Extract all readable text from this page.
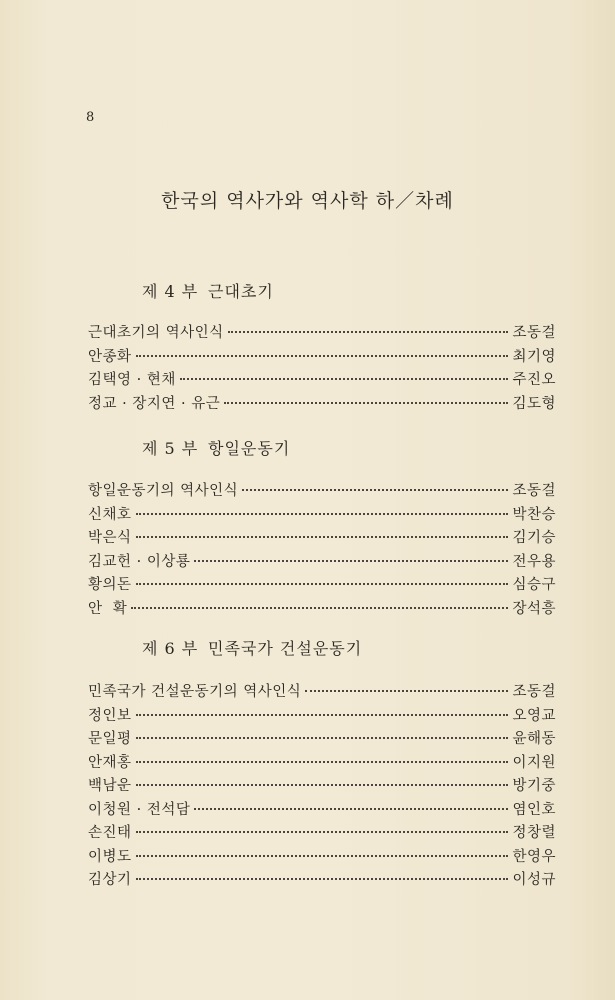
8
한국의 역사가와 역사학 하／차례
제 4 부 근대초기
근대초기의 역사인식	조동걸
안종화	최기영
김택영 · 현채	주진오
정교 · 장지연 · 유근	김도형
제 5 부 항일운동기
항일운동기의 역사인식	조동걸
신채호	박찬승
박은식	김기승
김교헌 · 이상룡	전우용
황의돈	심승구
안  확	장석흥
제 6 부 민족국가 건설운동기
민족국가 건설운동기의 역사인식	조동걸
정인보	오영교
문일평	윤해동
안재홍	이지원
백남운	방기중
이청원 · 전석담	염인호
손진태	정창렬
이병도	한영우
김상기	이성규
